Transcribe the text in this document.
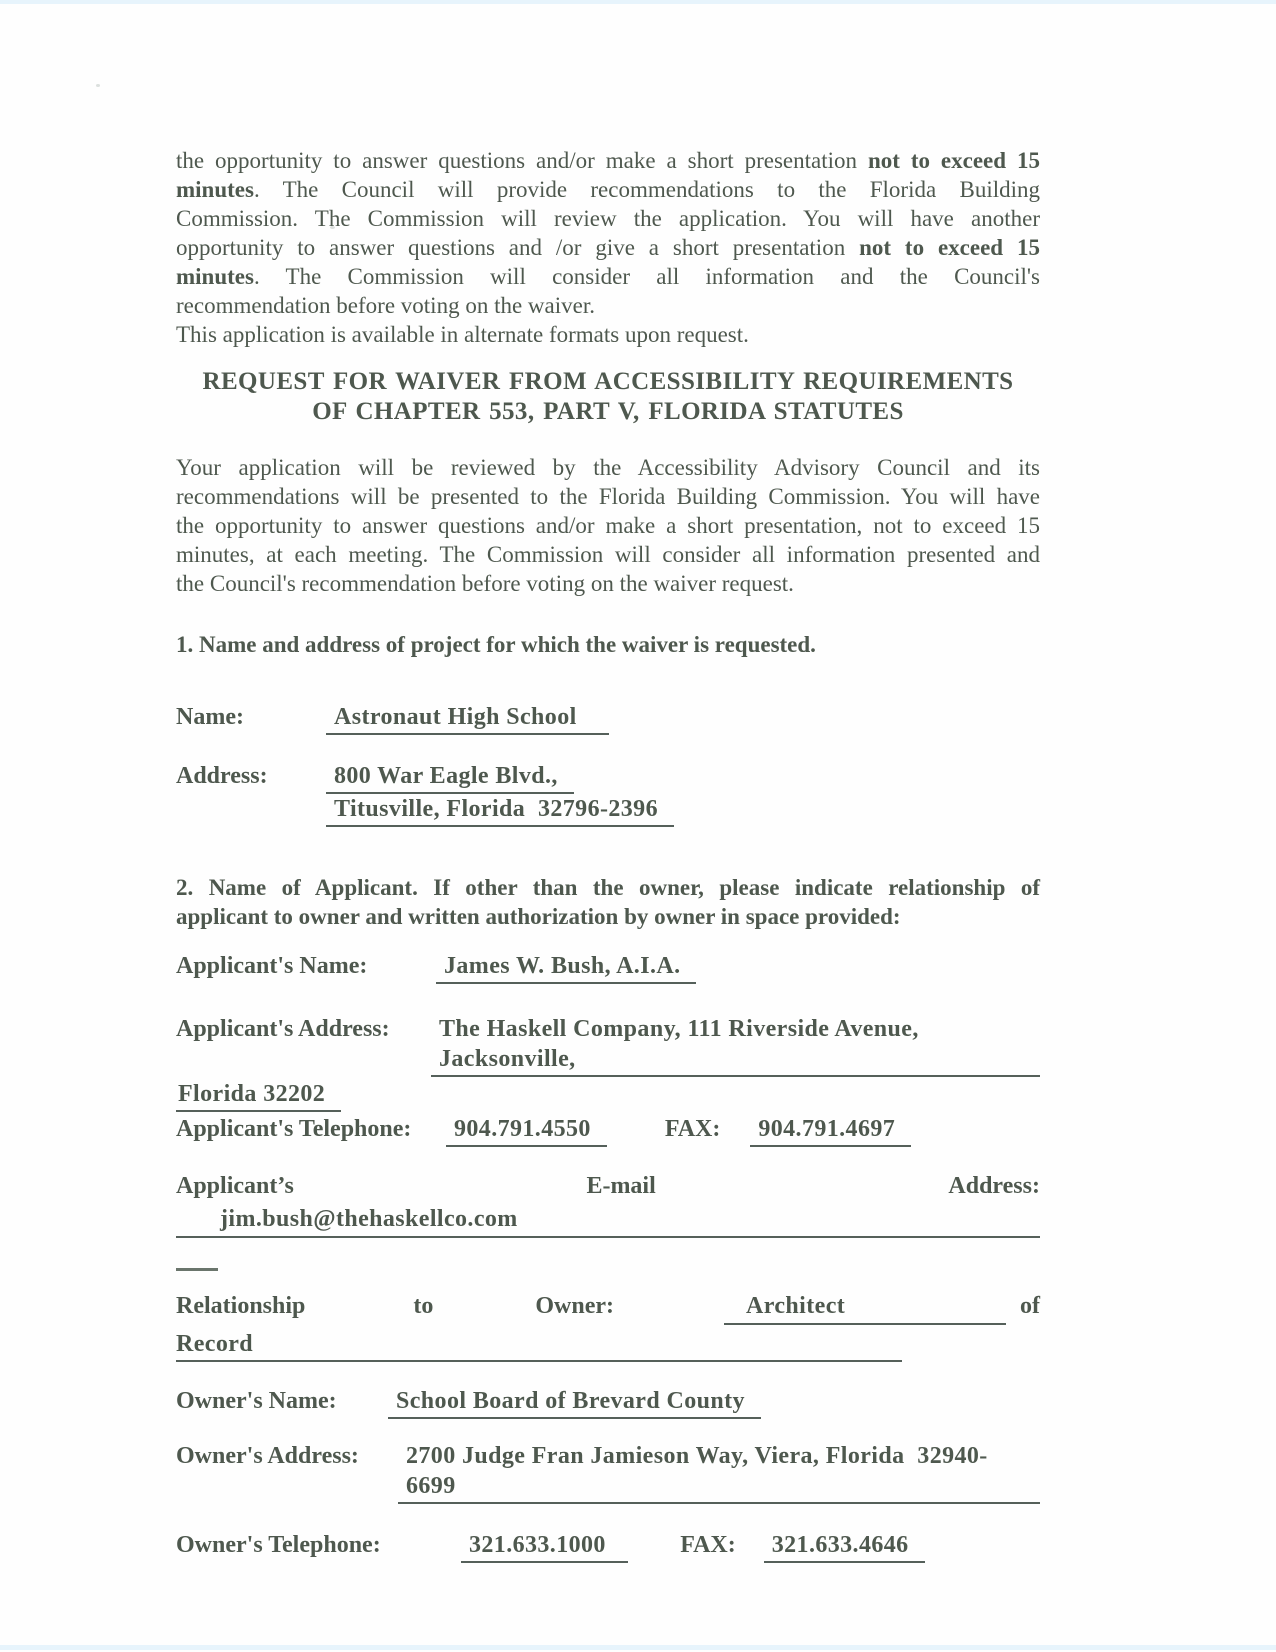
the opportunity to answer questions and/or make a short presentation not to exceed 15
minutes. The Council will provide recommendations to the Florida Building
Commission. The Commission will review the application. You will have another
opportunity to answer questions and /or give a short presentation not to exceed 15
minutes. The Commission will consider all information and the Council's
recommendation before voting on the waiver.
This application is available in alternate formats upon request.
REQUEST FOR WAIVER FROM ACCESSIBILITY REQUIREMENTS
OF CHAPTER 553, PART V, FLORIDA STATUTES
Your application will be reviewed by the Accessibility Advisory Council and its
recommendations will be presented to the Florida Building Commission. You will have
the opportunity to answer questions and/or make a short presentation, not to exceed 15
minutes, at each meeting. The Commission will consider all information presented and
the Council's recommendation before voting on the waiver request.
1. Name and address of project for which the waiver is requested.
Name:	Astronaut High School
Address:	800 War Eagle Blvd.,
Titusville, Florida  32796-2396
2. Name of Applicant. If other than the owner, please indicate relationship of
applicant to owner and written authorization by owner in space provided:
Applicant's Name:	James W. Bush, A.I.A.
Applicant's Address:	The Haskell Company, 111 Riverside Avenue, Jacksonville,
Florida 32202
Applicant's Telephone:	904.791.4550	FAX:	904.791.4697
Applicant’s	E-mail	Address:
jim.bush@thehaskellco.com
Relationship	to	Owner:	Architect	of
Record
Owner's Name:	School Board of Brevard County
Owner's Address:	2700 Judge Fran Jamieson Way, Viera, Florida  32940-6699
Owner's Telephone:	321.633.1000	FAX:	321.633.4646
